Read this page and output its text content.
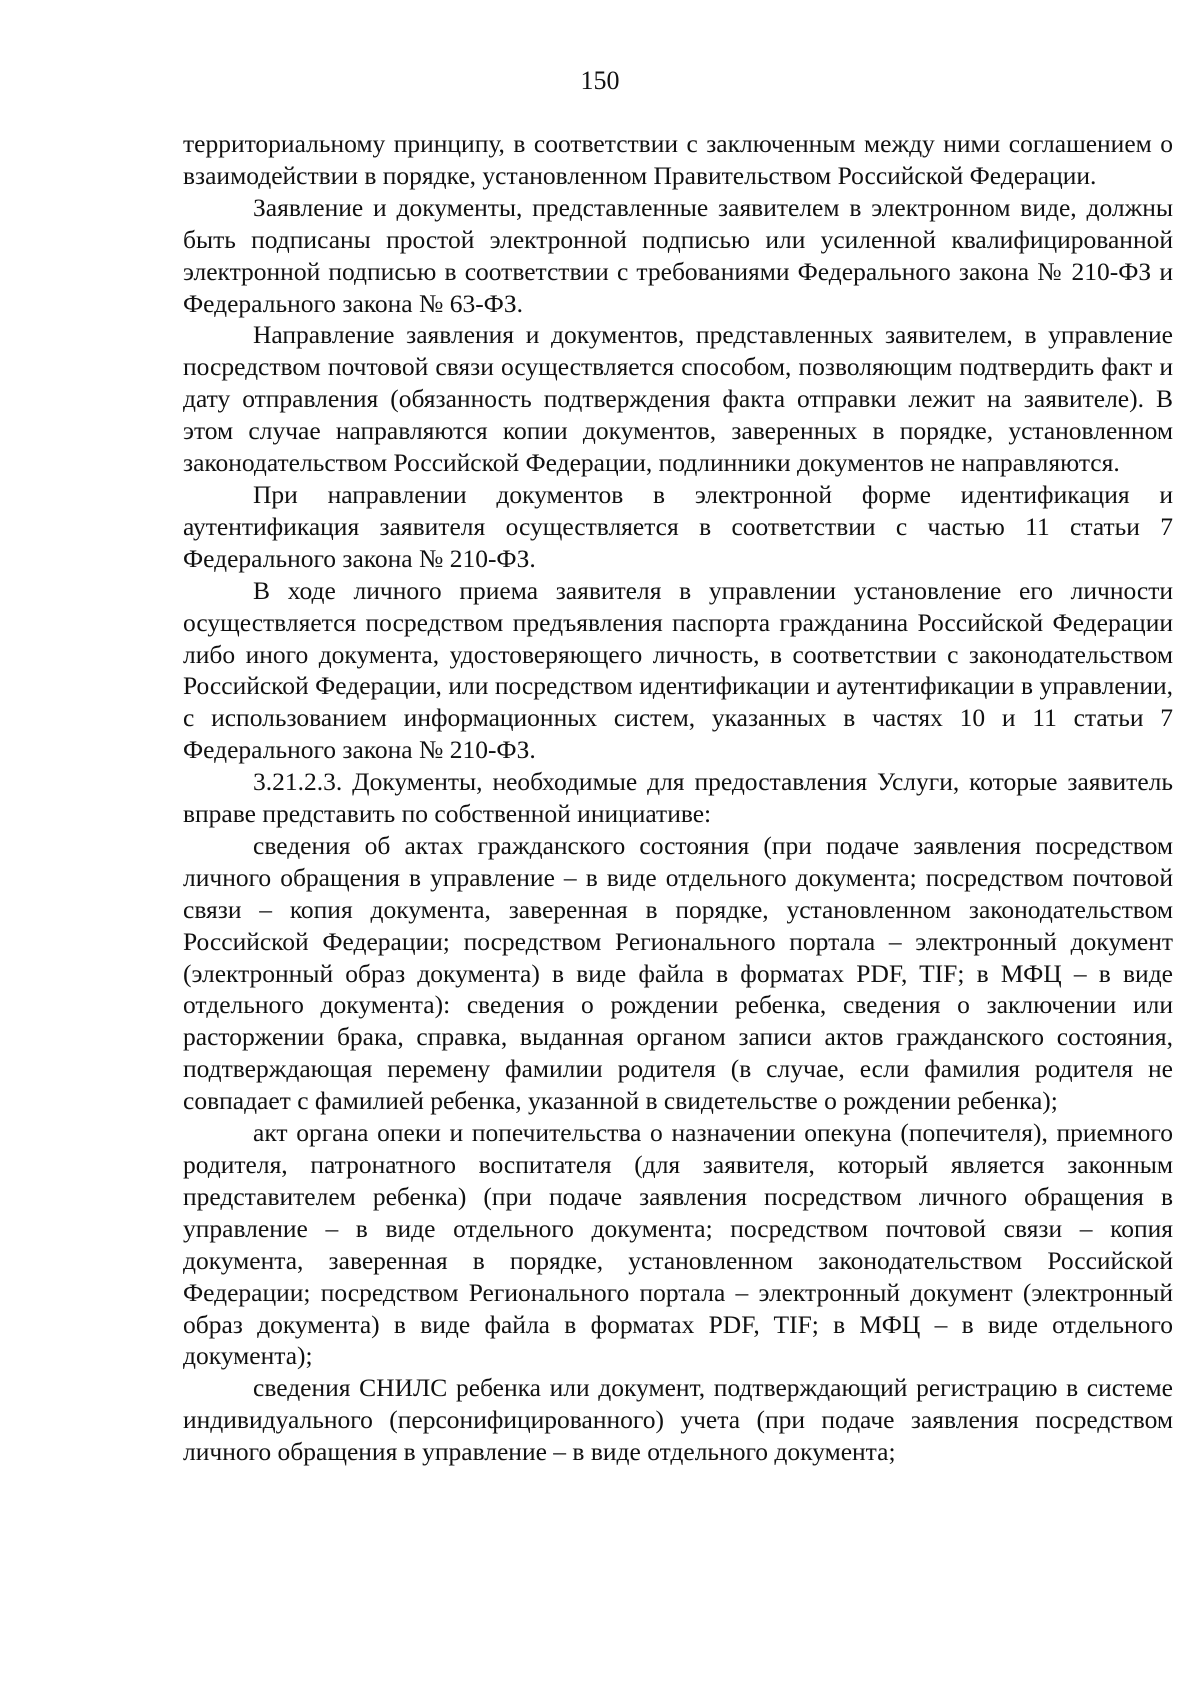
150

территориальному принципу, в соответствии с заключенным между ними соглашением о взаимодействии в порядке, установленном Правительством Российской Федерации.

Заявление и документы, представленные заявителем в электронном виде, должны быть подписаны простой электронной подписью или усиленной квалифицированной электронной подписью в соответствии с требованиями Федерального закона № 210-ФЗ и Федерального закона № 63-ФЗ.

Направление заявления и документов, представленных заявителем, в управление посредством почтовой связи осуществляется способом, позволяющим подтвердить факт и дату отправления (обязанность подтверждения факта отправки лежит на заявителе). В этом случае направляются копии документов, заверенных в порядке, установленном законодательством Российской Федерации, подлинники документов не направляются.

При направлении документов в электронной форме идентификация и аутентификация заявителя осуществляется в соответствии с частью 11 статьи 7 Федерального закона № 210-ФЗ.

В ходе личного приема заявителя в управлении установление его личности осуществляется посредством предъявления паспорта гражданина Российской Федерации либо иного документа, удостоверяющего личность, в соответствии с законодательством Российской Федерации, или посредством идентификации и аутентификации в управлении, с использованием информационных систем, указанных в частях 10 и 11 статьи 7 Федерального закона № 210-ФЗ.

3.21.2.3. Документы, необходимые для предоставления Услуги, которые заявитель вправе представить по собственной инициативе:

сведения об актах гражданского состояния (при подаче заявления посредством личного обращения в управление – в виде отдельного документа; посредством почтовой связи – копия документа, заверенная в порядке, установленном законодательством Российской Федерации; посредством Регионального портала – электронный документ (электронный образ документа) в виде файла в форматах PDF, TIF; в МФЦ – в виде отдельного документа): сведения о рождении ребенка, сведения о заключении или расторжении брака, справка, выданная органом записи актов гражданского состояния, подтверждающая перемену фамилии родителя (в случае, если фамилия родителя не совпадает с фамилией ребенка, указанной в свидетельстве о рождении ребенка);

акт органа опеки и попечительства о назначении опекуна (попечителя), приемного родителя, патронатного воспитателя (для заявителя, который является законным представителем ребенка) (при подаче заявления посредством личного обращения в управление – в виде отдельного документа; посредством почтовой связи – копия документа, заверенная в порядке, установленном законодательством Российской Федерации; посредством Регионального портала – электронный документ (электронный образ документа) в виде файла в форматах PDF, TIF; в МФЦ – в виде отдельного документа);

сведения СНИЛС ребенка или документ, подтверждающий регистрацию в системе индивидуального (персонифицированного) учета (при подаче заявления посредством личного обращения в управление – в виде отдельного документа;
